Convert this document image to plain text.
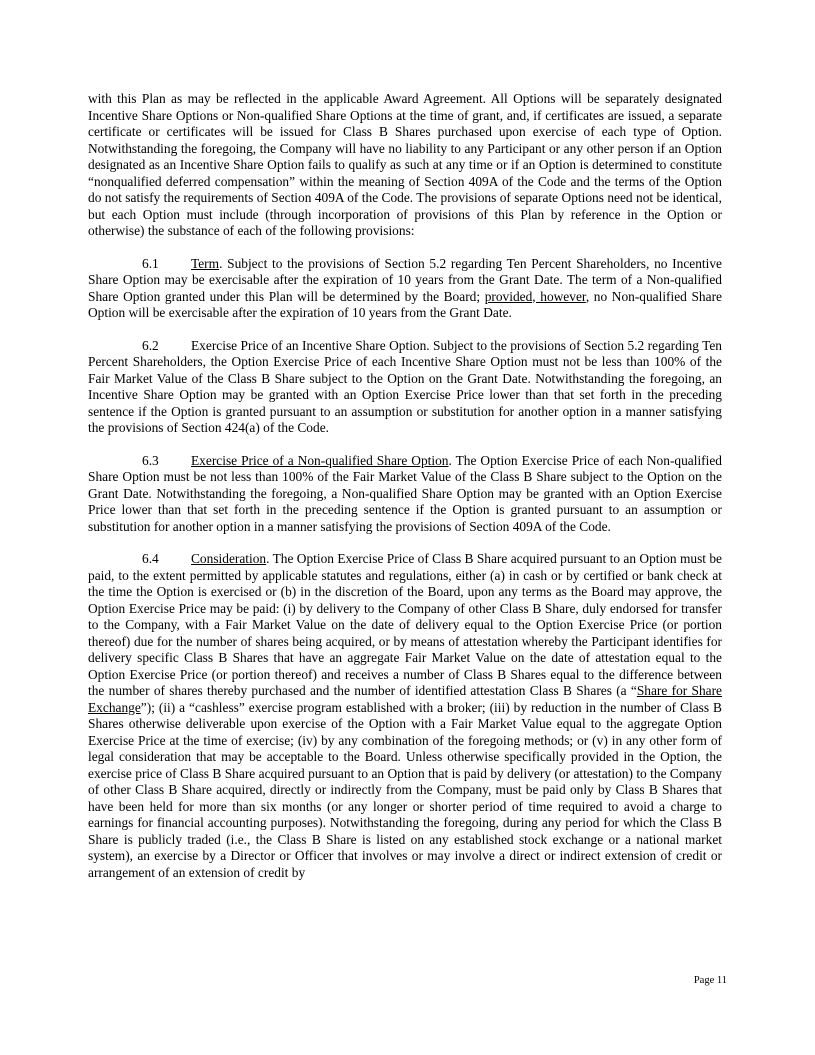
with this Plan as may be reflected in the applicable Award Agreement. All Options will be separately designated Incentive Share Options or Non-qualified Share Options at the time of grant, and, if certificates are issued, a separate certificate or certificates will be issued for Class B Shares purchased upon exercise of each type of Option. Notwithstanding the foregoing, the Company will have no liability to any Participant or any other person if an Option designated as an Incentive Share Option fails to qualify as such at any time or if an Option is determined to constitute “nonqualified deferred compensation” within the meaning of Section 409A of the Code and the terms of the Option do not satisfy the requirements of Section 409A of the Code. The provisions of separate Options need not be identical, but each Option must include (through incorporation of provisions of this Plan by reference in the Option or otherwise) the substance of each of the following provisions:

6.1 Term. Subject to the provisions of Section 5.2 regarding Ten Percent Shareholders, no Incentive Share Option may be exercisable after the expiration of 10 years from the Grant Date. The term of a Non-qualified Share Option granted under this Plan will be determined by the Board; provided, however, no Non-qualified Share Option will be exercisable after the expiration of 10 years from the Grant Date.

6.2 Exercise Price of an Incentive Share Option. Subject to the provisions of Section 5.2 regarding Ten Percent Shareholders, the Option Exercise Price of each Incentive Share Option must not be less than 100% of the Fair Market Value of the Class B Share subject to the Option on the Grant Date. Notwithstanding the foregoing, an Incentive Share Option may be granted with an Option Exercise Price lower than that set forth in the preceding sentence if the Option is granted pursuant to an assumption or substitution for another option in a manner satisfying the provisions of Section 424(a) of the Code.

6.3 Exercise Price of a Non-qualified Share Option. The Option Exercise Price of each Non-qualified Share Option must be not less than 100% of the Fair Market Value of the Class B Share subject to the Option on the Grant Date. Notwithstanding the foregoing, a Non-qualified Share Option may be granted with an Option Exercise Price lower than that set forth in the preceding sentence if the Option is granted pursuant to an assumption or substitution for another option in a manner satisfying the provisions of Section 409A of the Code.

6.4 Consideration. The Option Exercise Price of Class B Share acquired pursuant to an Option must be paid, to the extent permitted by applicable statutes and regulations, either (a) in cash or by certified or bank check at the time the Option is exercised or (b) in the discretion of the Board, upon any terms as the Board may approve, the Option Exercise Price may be paid: (i) by delivery to the Company of other Class B Share, duly endorsed for transfer to the Company, with a Fair Market Value on the date of delivery equal to the Option Exercise Price (or portion thereof) due for the number of shares being acquired, or by means of attestation whereby the Participant identifies for delivery specific Class B Shares that have an aggregate Fair Market Value on the date of attestation equal to the Option Exercise Price (or portion thereof) and receives a number of Class B Shares equal to the difference between the number of shares thereby purchased and the number of identified attestation Class B Shares (a “Share for Share Exchange”); (ii) a “cashless” exercise program established with a broker; (iii) by reduction in the number of Class B Shares otherwise deliverable upon exercise of the Option with a Fair Market Value equal to the aggregate Option Exercise Price at the time of exercise; (iv) by any combination of the foregoing methods; or (v) in any other form of legal consideration that may be acceptable to the Board. Unless otherwise specifically provided in the Option, the exercise price of Class B Share acquired pursuant to an Option that is paid by delivery (or attestation) to the Company of other Class B Share acquired, directly or indirectly from the Company, must be paid only by Class B Shares that have been held for more than six months (or any longer or shorter period of time required to avoid a charge to earnings for financial accounting purposes). Notwithstanding the foregoing, during any period for which the Class B Share is publicly traded (i.e., the Class B Share is listed on any established stock exchange or a national market system), an exercise by a Director or Officer that involves or may involve a direct or indirect extension of credit or arrangement of an extension of credit by

Page 11
